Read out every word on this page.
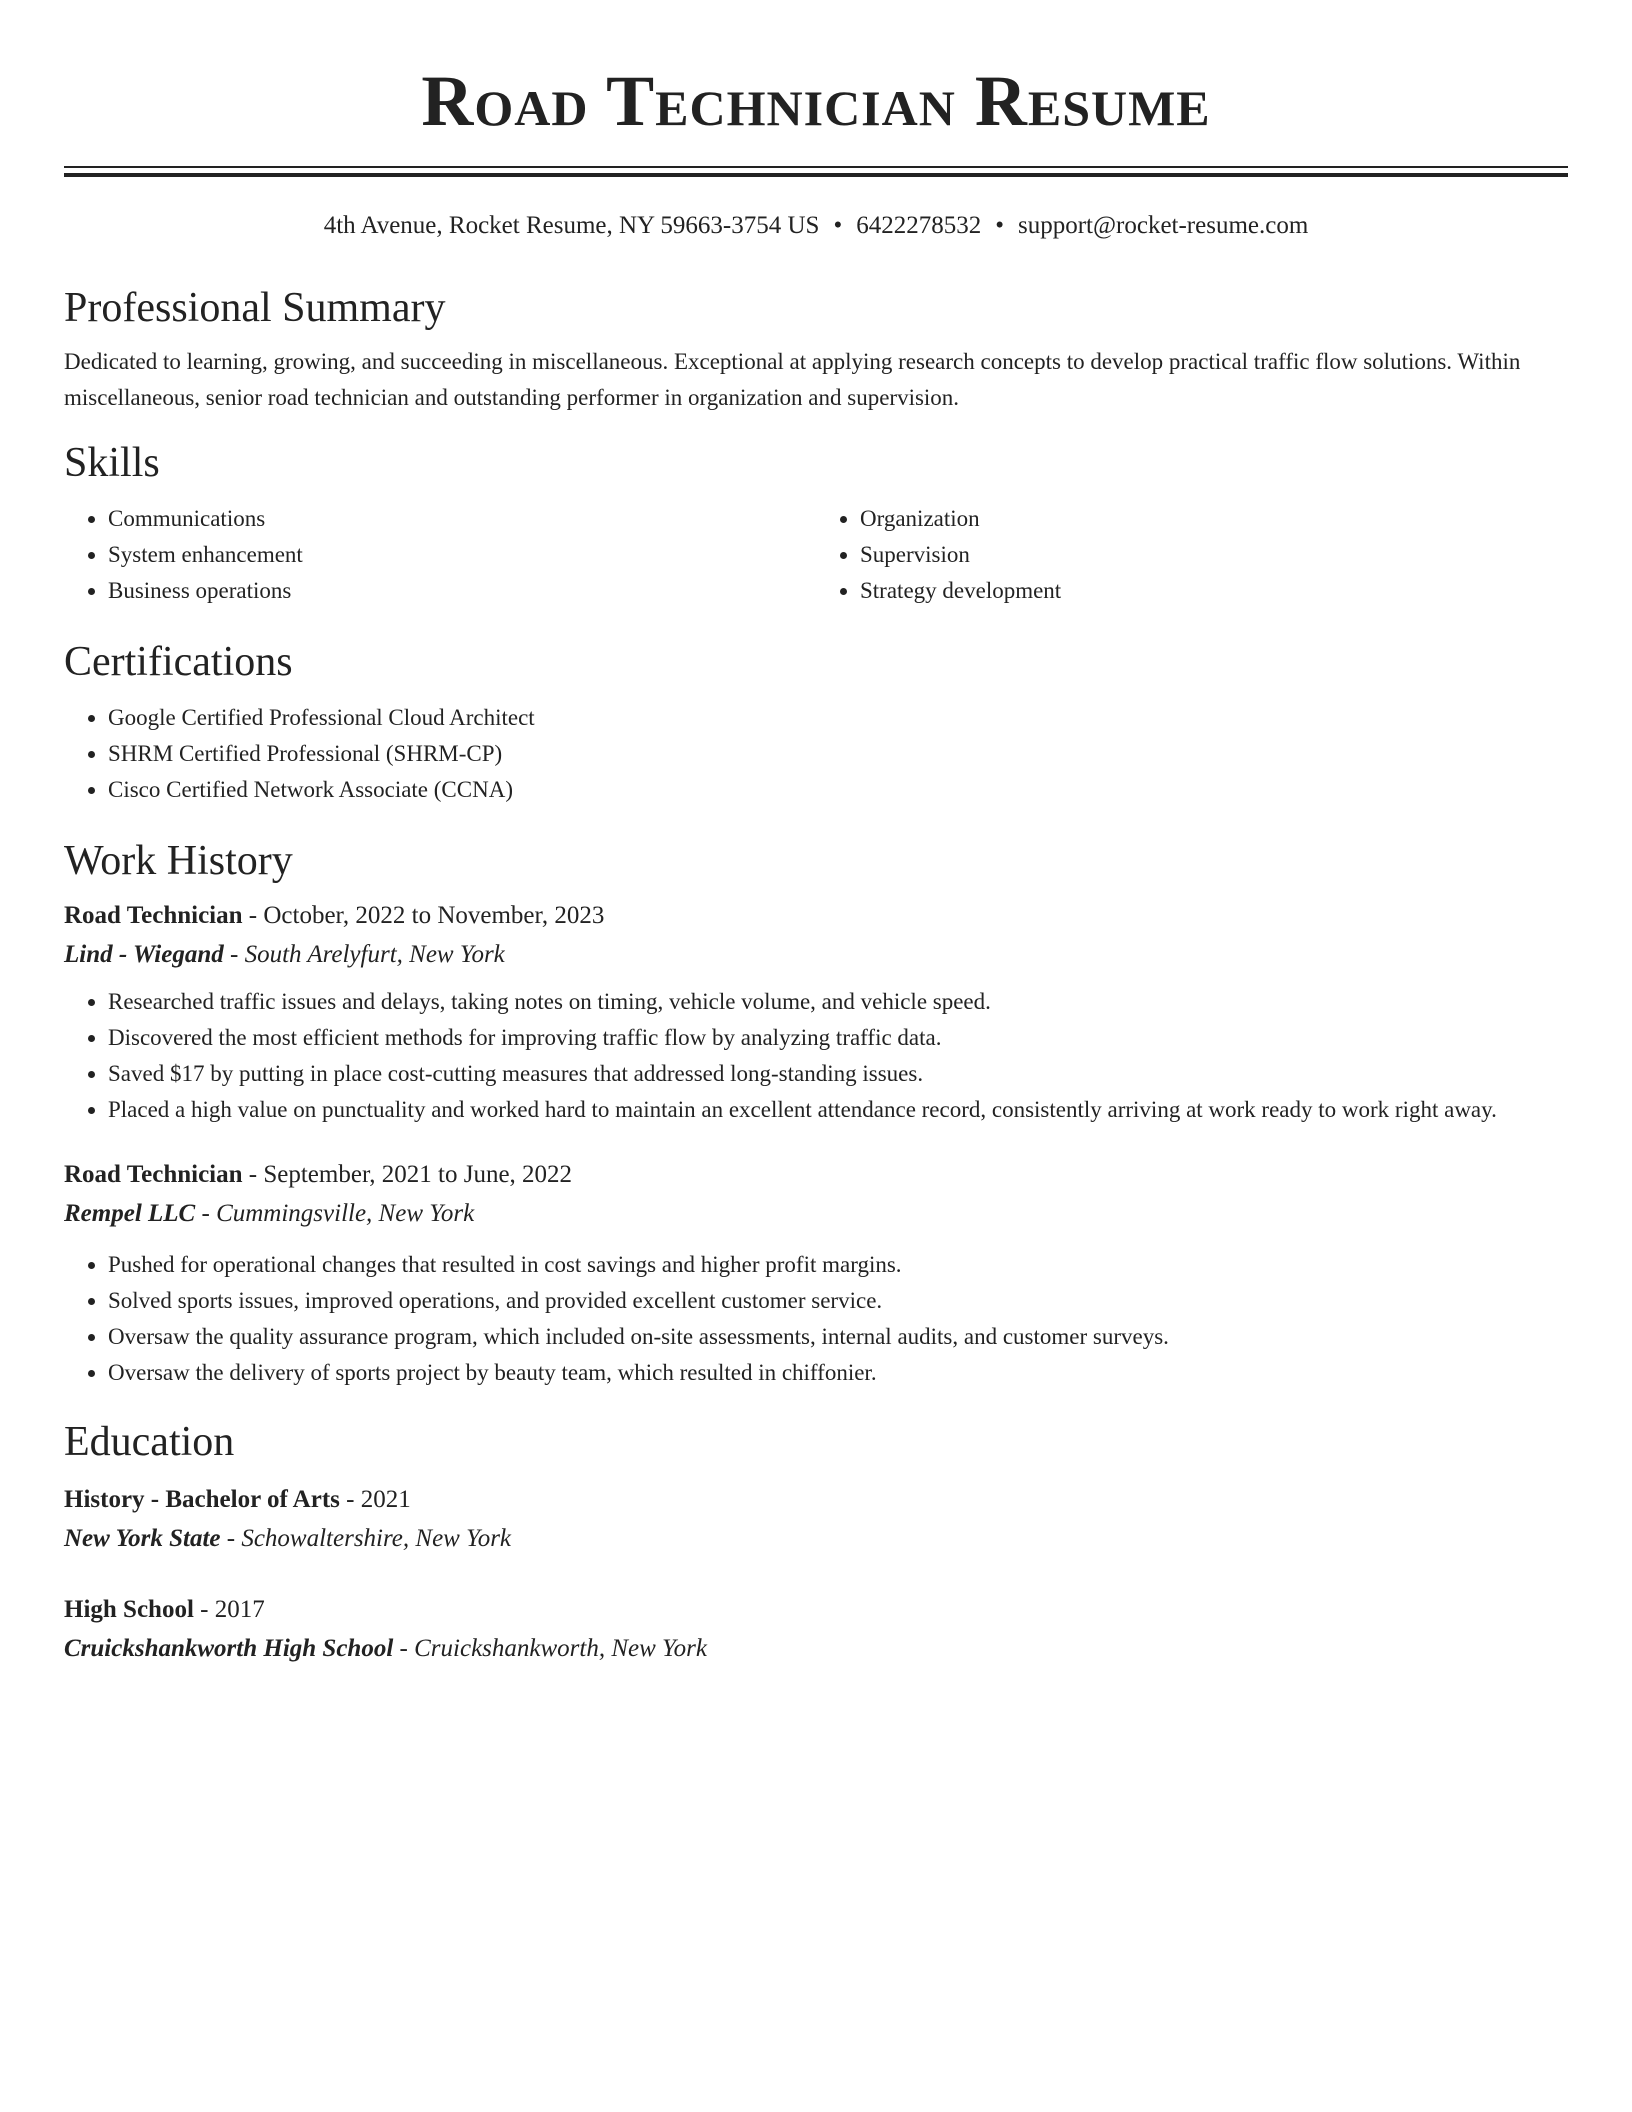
Road Technician Resume
4th Avenue, Rocket Resume, NY 59663-3754 US • 6422278532 • support@rocket-resume.com
Professional Summary

Dedicated to learning, growing, and succeeding in miscellaneous. Exceptional at applying research concepts to develop practical traffic flow solutions. Within miscellaneous, senior road technician and outstanding performer in organization and supervision.

Skills
• Communications
• System enhancement
• Business operations
• Organization
• Supervision
• Strategy development
Certifications
• Google Certified Professional Cloud Architect
• SHRM Certified Professional (SHRM-CP)
• Cisco Certified Network Associate (CCNA)
Work History
Road Technician - October, 2022 to November, 2023
Lind - Wiegand - South Arelyfurt, New York
• Researched traffic issues and delays, taking notes on timing, vehicle volume, and vehicle speed.
• Discovered the most efficient methods for improving traffic flow by analyzing traffic data.
• Saved $17 by putting in place cost-cutting measures that addressed long-standing issues.
• Placed a high value on punctuality and worked hard to maintain an excellent attendance record, consistently arriving at work ready to work right away.
Road Technician - September, 2021 to June, 2022
Rempel LLC - Cummingsville, New York
• Pushed for operational changes that resulted in cost savings and higher profit margins.
• Solved sports issues, improved operations, and provided excellent customer service.
• Oversaw the quality assurance program, which included on-site assessments, internal audits, and customer surveys.
• Oversaw the delivery of sports project by beauty team, which resulted in chiffonier.
Education
History - Bachelor of Arts - 2021
New York State - Schowaltershire, New York
High School - 2017
Cruickshankworth High School - Cruickshankworth, New York
